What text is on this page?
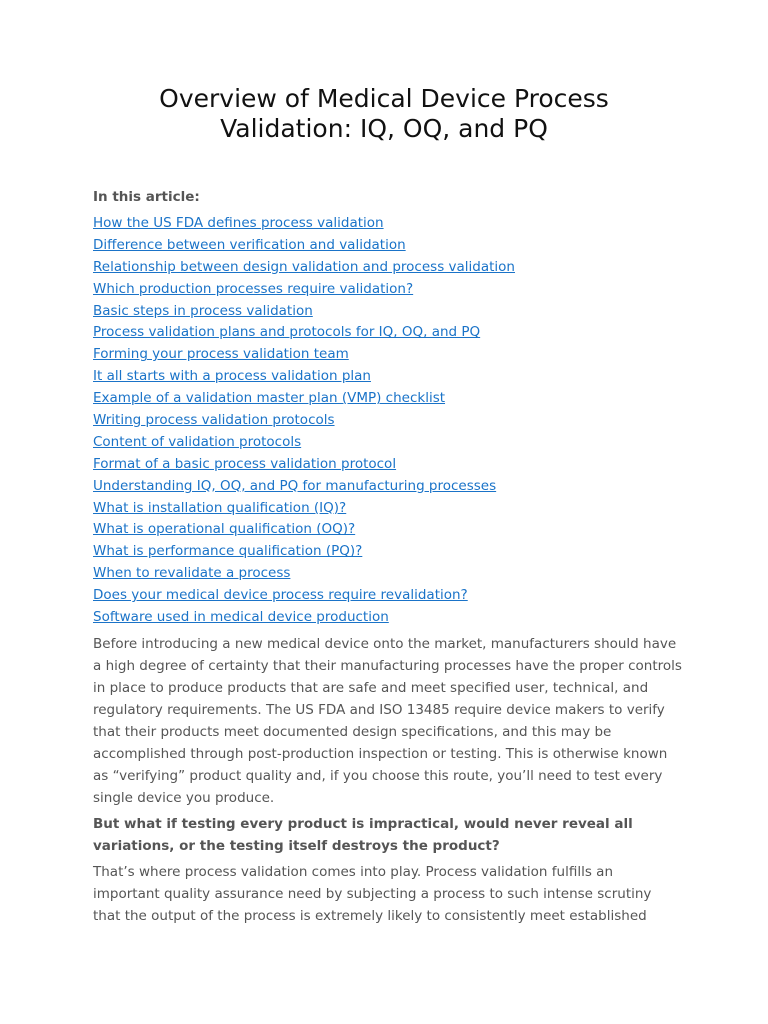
Overview of Medical Device Process Validation: IQ, OQ, and PQ

In this article:

How the US FDA defines process validation
Difference between verification and validation
Relationship between design validation and process validation
Which production processes require validation?
Basic steps in process validation
Process validation plans and protocols for IQ, OQ, and PQ
Forming your process validation team
It all starts with a process validation plan
Example of a validation master plan (VMP) checklist
Writing process validation protocols
Content of validation protocols
Format of a basic process validation protocol
Understanding IQ, OQ, and PQ for manufacturing processes
What is installation qualification (IQ)?
What is operational qualification (OQ)?
What is performance qualification (PQ)?
When to revalidate a process
Does your medical device process require revalidation?
Software used in medical device production

Before introducing a new medical device onto the market, manufacturers should have a high degree of certainty that their manufacturing processes have the proper controls in place to produce products that are safe and meet specified user, technical, and regulatory requirements. The US FDA and ISO 13485 require device makers to verify that their products meet documented design specifications, and this may be accomplished through post-production inspection or testing. This is otherwise known as “verifying” product quality and, if you choose this route, you’ll need to test every single device you produce.

But what if testing every product is impractical, would never reveal all variations, or the testing itself destroys the product?

That’s where process validation comes into play. Process validation fulfills an important quality assurance need by subjecting a process to such intense scrutiny that the output of the process is extremely likely to consistently meet established
